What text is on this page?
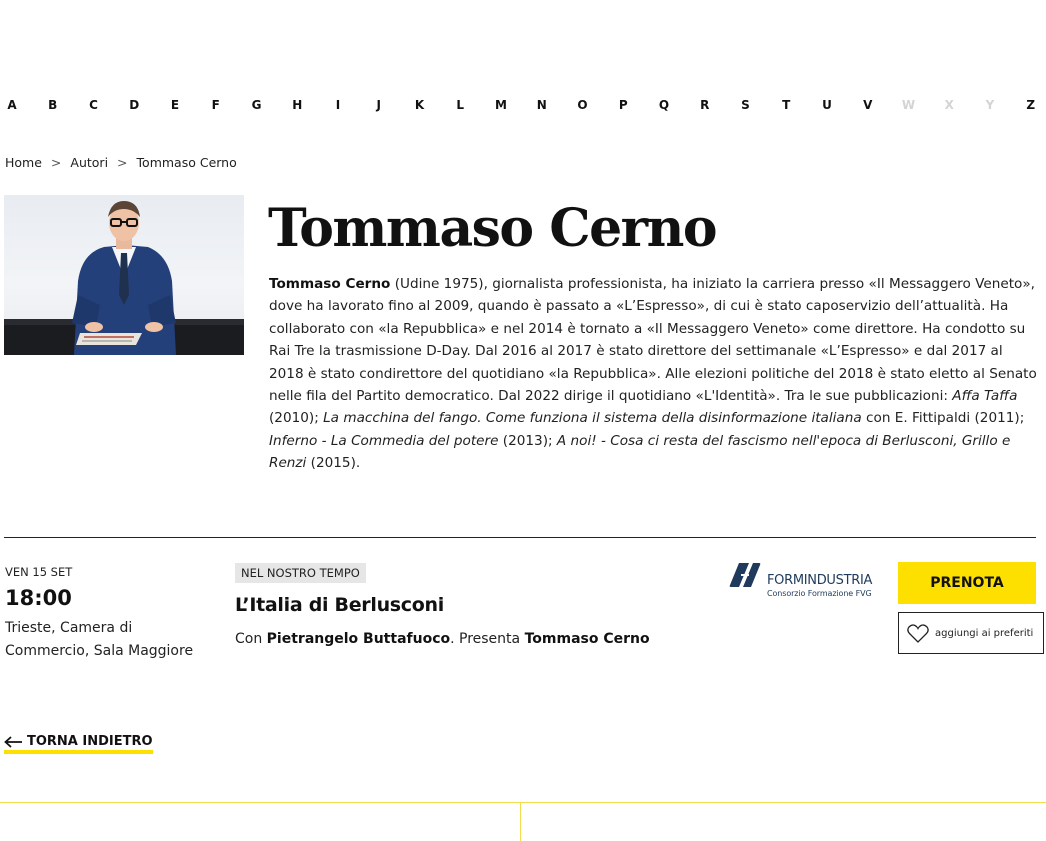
A	B	C	D	E	F	G	H	I	J	K	L	M N	O	P	Q	R	S	T	U	V W X	Y	Z
Home > Autori > Tommaso Cerno
Tommaso Cerno

Tommaso Cerno (Udine 1975), giornalista professionista, ha iniziato la carriera presso «Il Messaggero Veneto», dove ha lavorato fino al 2009, quando è passato a «L’Espresso», di cui è stato caposervizio dell’attualità. Ha collaborato con «la Repubblica» e nel 2014 è tornato a «Il Messaggero Veneto» come direttore. Ha condotto su Rai Tre la trasmissione D-Day. Dal 2016 al 2017 è stato direttore del settimanale «L’Espresso» e dal 2017 al 2018 è stato condirettore del quotidiano «la Repubblica». Alle elezioni politiche del 2018 è stato eletto al Senato nelle fila del Partito democratico. Dal 2022 dirige il quotidiano «L'Identità». Tra le sue pubblicazioni: Affa Taffa (2010); La macchina del fango. Come funziona il sistema della disinformazione italiana con E. Fittipaldi (2011); Inferno - La Commedia del potere (2013); A noi! - Cosa ci resta del fascismo nell'epoca di Berlusconi, Grillo e Renzi (2015).

VEN 15 SET
18:00
Trieste, Camera di Commercio, Sala Maggiore
NEL NOSTRO TEMPO
L’Italia di Berlusconi
Con Pietrangelo Buttafuoco. Presenta Tommaso Cerno
FORMINDUSTRIA
Consorzio Formazione FVG
PRENOTA
aggiungi ai preferiti
TORNA INDIETRO
